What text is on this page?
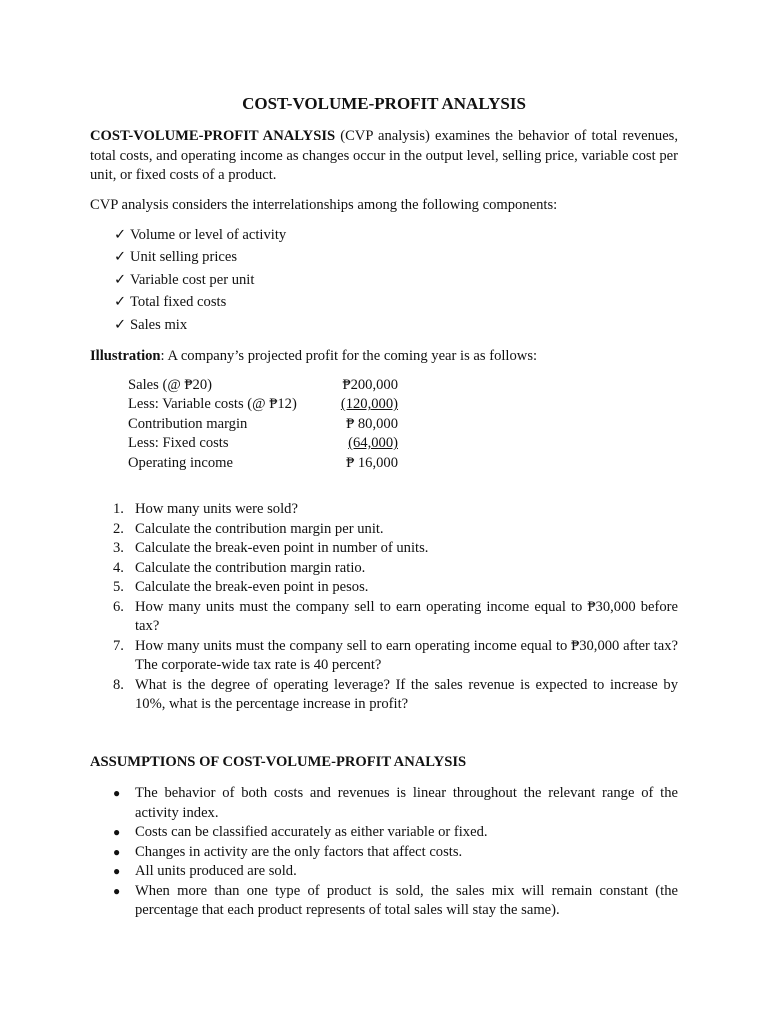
COST-VOLUME-PROFIT ANALYSIS
COST-VOLUME-PROFIT ANALYSIS (CVP analysis) examines the behavior of total revenues, total costs, and operating income as changes occur in the output level, selling price, variable cost per unit, or fixed costs of a product.
CVP analysis considers the interrelationships among the following components:
✓ Volume or level of activity
✓ Unit selling prices
✓ Variable cost per unit
✓ Total fixed costs
✓ Sales mix
Illustration: A company’s projected profit for the coming year is as follows:
Sales (@ ₱20)	₱200,000
Less: Variable costs (@ ₱12)	(120,000)
Contribution margin	₱ 80,000
Less: Fixed costs	(64,000)
Operating income	₱ 16,000
1. How many units were sold?
2. Calculate the contribution margin per unit.
3. Calculate the break-even point in number of units.
4. Calculate the contribution margin ratio.
5. Calculate the break-even point in pesos.
6. How many units must the company sell to earn operating income equal to ₱30,000 before tax?
7. How many units must the company sell to earn operating income equal to ₱30,000 after tax? The corporate-wide tax rate is 40 percent?
8. What is the degree of operating leverage? If the sales revenue is expected to increase by 10%, what is the percentage increase in profit?
ASSUMPTIONS OF COST-VOLUME-PROFIT ANALYSIS
●	The behavior of both costs and revenues is linear throughout the relevant range of the activity index.
●	Costs can be classified accurately as either variable or fixed.
●	Changes in activity are the only factors that affect costs.
●	All units produced are sold.
●	When more than one type of product is sold, the sales mix will remain constant (the percentage that each product represents of total sales will stay the same).
